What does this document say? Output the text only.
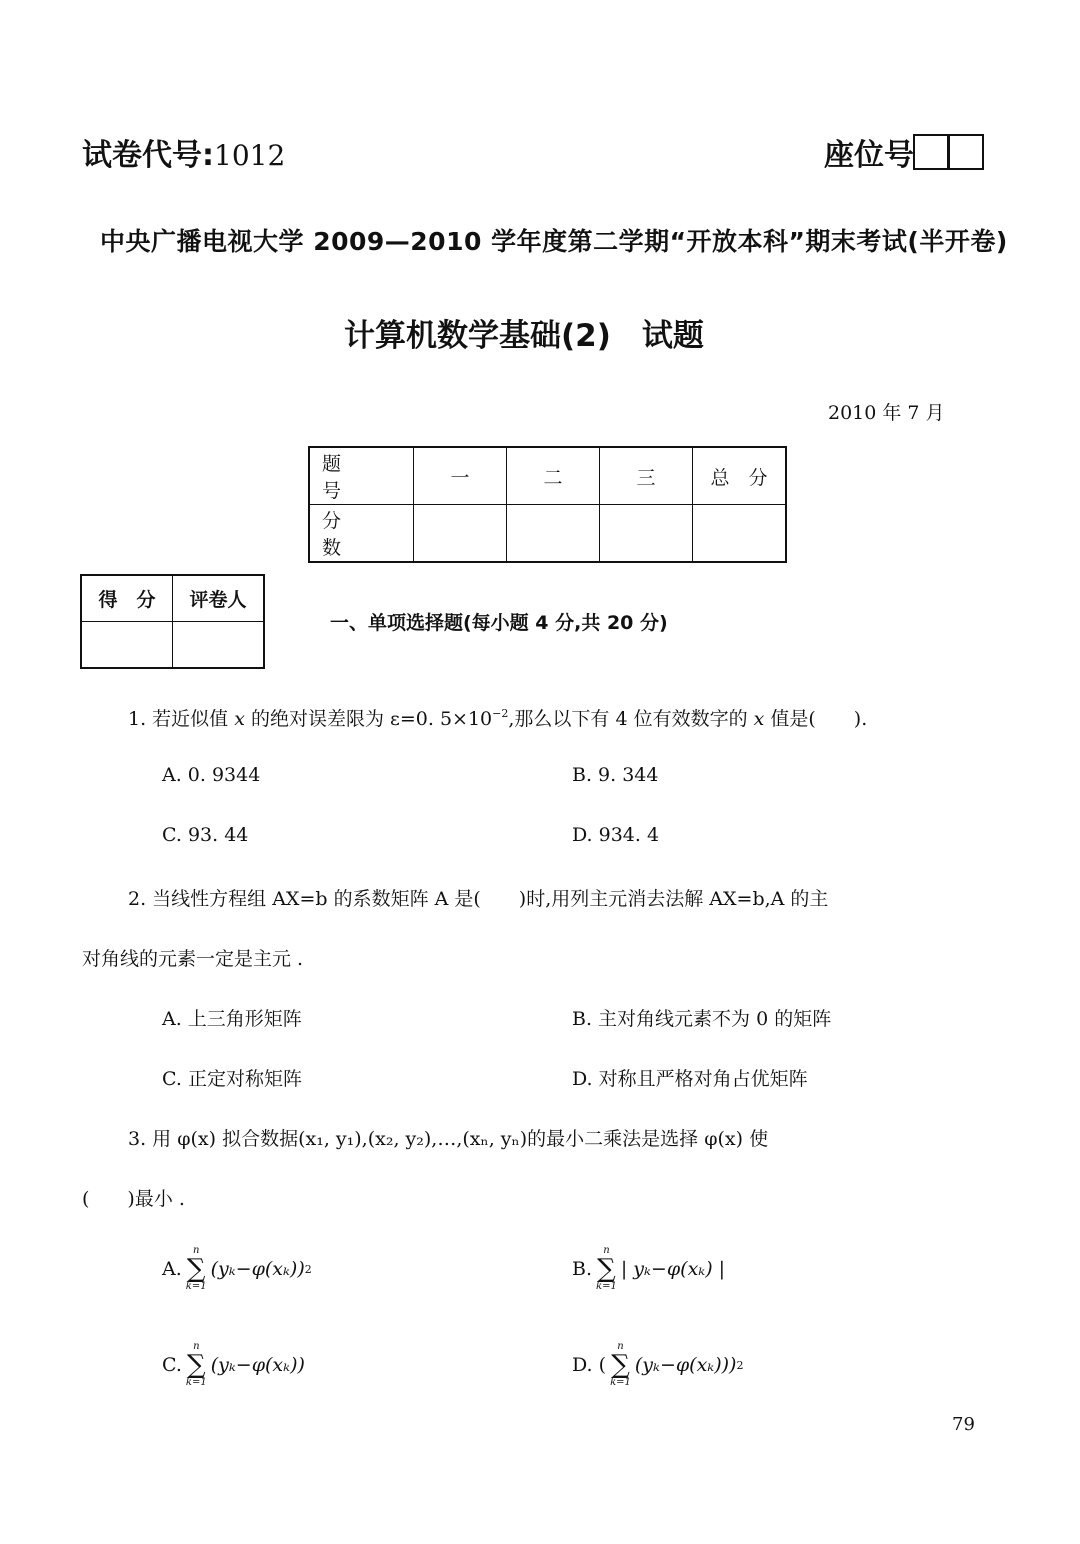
试卷代号:1012	座位号
中央广播电视大学 2009—2010 学年度第二学期“开放本科”期末考试(半开卷)
计算机数学基础(2)　试题
2010 年 7 月
题　号	一	二	三	总　分
分　数				
得　分	评卷人

一、单项选择题(每小题 4 分,共 20 分)
1. 若近似值 x 的绝对误差限为 ε=0. $5\times 10^{-2}$,那么以下有 4 位有效数字的 x 值是(　　).
A. 0. 9344	B. 9. 344
C. 93. 44	D. 934. 4
2. 当线性方程组 AX=b 的系数矩阵 A 是(　　)时,用列主元消去法解 AX=b,A 的主
对角线的元素一定是主元 .
A. 上三角形矩阵	B. 主对角线元素不为 0 的矩阵
C. 正定对称矩阵	D. 对称且严格对角占优矩阵
3. 用 φ(x) 拟合数据(x₁, y₁),(x₂, y₂),…,(xₙ, yₙ)的最小二乘法是选择 φ(x) 使
(　　)最小 .
A.
n
∑
k=1
(yₖ−φ(xₖ)) 2	B.
n
∑
k=1
| yₖ−φ(xₖ) |
C.
n
∑
k=1
(yₖ−φ(xₖ))	D. (
n
∑
k=1
(yₖ−φ(xₖ))) 2
79
